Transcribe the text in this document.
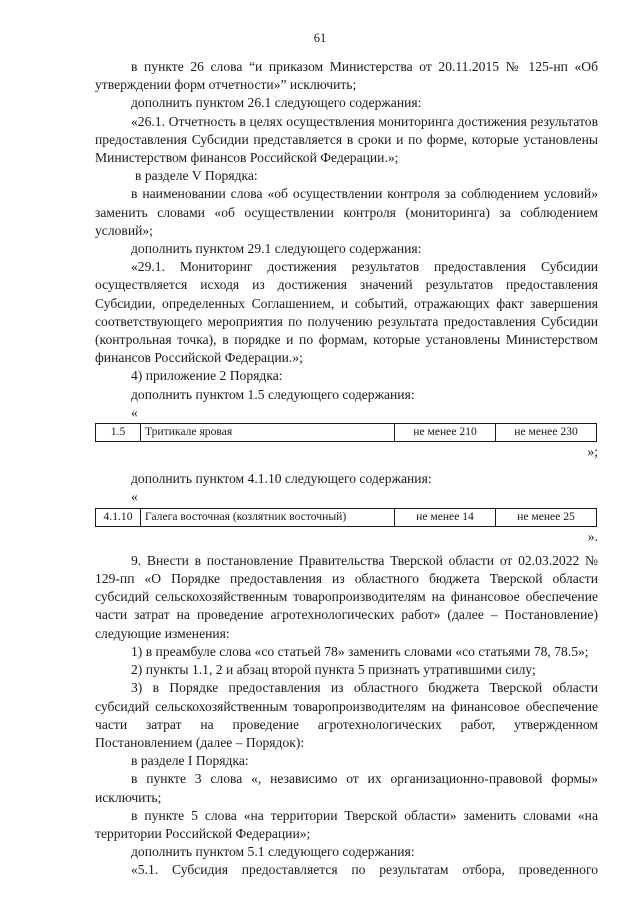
61

в пункте 26 слова “и приказом Министерства от 20.11.2015 № 125-нп «Об утверждении форм отчетности»” исключить;

дополнить пунктом 26.1 следующего содержания:

«26.1. Отчетность в целях осуществления мониторинга достижения результатов предоставления Субсидии представляется в сроки и по форме, которые установлены Министерством финансов Российской Федерации.»;

в разделе V Порядка:

в наименовании слова «об осуществлении контроля за соблюдением условий» заменить словами «об осуществлении контроля (мониторинга) за соблюдением условий»;

дополнить пунктом 29.1 следующего содержания:

«29.1. Мониторинг достижения результатов предоставления Субсидии осуществляется исходя из достижения значений результатов предоставления Субсидии, определенных Соглашением, и событий, отражающих факт завершения соответствующего мероприятия по получению результата предоставления Субсидии (контрольная точка), в порядке и по формам, которые установлены Министерством финансов Российской Федерации.»;

4) приложение 2 Порядка:

дополнить пунктом 1.5 следующего содержания:

«

1.5	Тритикале яровая	не менее 210	не менее 230

»;

дополнить пунктом 4.1.10 следующего содержания:

«

4.1.10	Галега восточная (козлятник восточный)	не менее 14	не менее 25

».

9. Внести в постановление Правительства Тверской области от 02.03.2022 № 129-пп «О Порядке предоставления из областного бюджета Тверской области субсидий сельскохозяйственным товаропроизводителям на финансовое обеспечение части затрат на проведение агротехнологических работ» (далее – Постановление) следующие изменения:

1) в преамбуле слова «со статьей 78» заменить словами «со статьями 78, 78.5»;

2) пункты 1.1, 2 и абзац второй пункта 5 признать утратившими силу;

3) в Порядке предоставления из областного бюджета Тверской области субсидий сельскохозяйственным товаропроизводителям на финансовое обеспечение части затрат на проведение агротехнологических работ, утвержденном Постановлением (далее – Порядок):

в разделе I Порядка:

в пункте 3 слова «, независимо от их организационно-правовой формы» исключить;

в пункте 5 слова «на территории Тверской области» заменить словами «на территории Российской Федерации»;

дополнить пунктом 5.1 следующего содержания:

«5.1. Субсидия предоставляется по результатам отбора, проведенного
